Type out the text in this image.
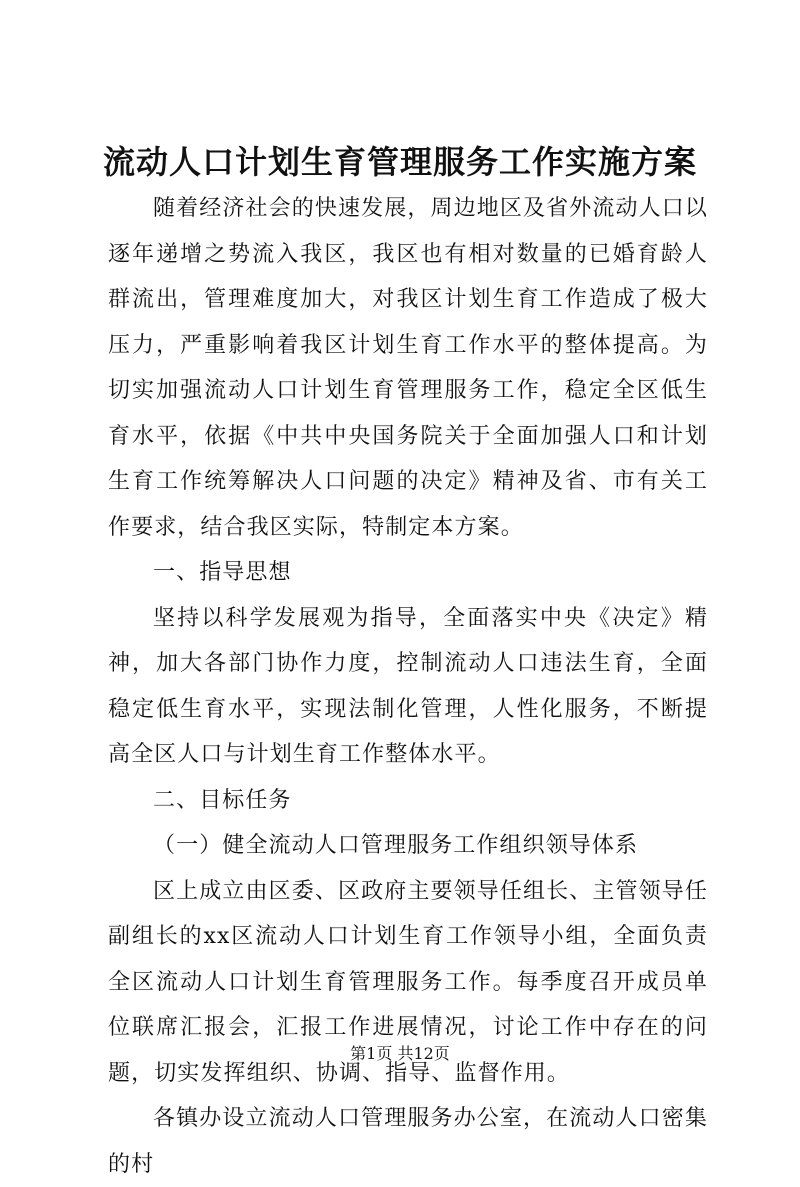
流动人口计划生育管理服务工作实施方案

随着经济社会的快速发展，周边地区及省外流动人口以逐年递增之势流入我区，我区也有相对数量的已婚育龄人群流出，管理难度加大，对我区计划生育工作造成了极大压力，严重影响着我区计划生育工作水平的整体提高。为切实加强流动人口计划生育管理服务工作，稳定全区低生育水平，依据《中共中央国务院关于全面加强人口和计划生育工作统筹解决人口问题的决定》精神及省、市有关工作要求，结合我区实际，特制定本方案。

一、指导思想

坚持以科学发展观为指导，全面落实中央《决定》精神，加大各部门协作力度，控制流动人口违法生育，全面稳定低生育水平，实现法制化管理，人性化服务，不断提高全区人口与计划生育工作整体水平。

二、目标任务

（一）健全流动人口管理服务工作组织领导体系

区上成立由区委、区政府主要领导任组长、主管领导任副组长的xx区流动人口计划生育工作领导小组，全面负责全区流动人口计划生育管理服务工作。每季度召开成员单位联席汇报会，汇报工作进展情况，讨论工作中存在的问题，切实发挥组织、协调、指导、监督作用。

各镇办设立流动人口管理服务办公室，在流动人口密集的村

第1页 共12页
